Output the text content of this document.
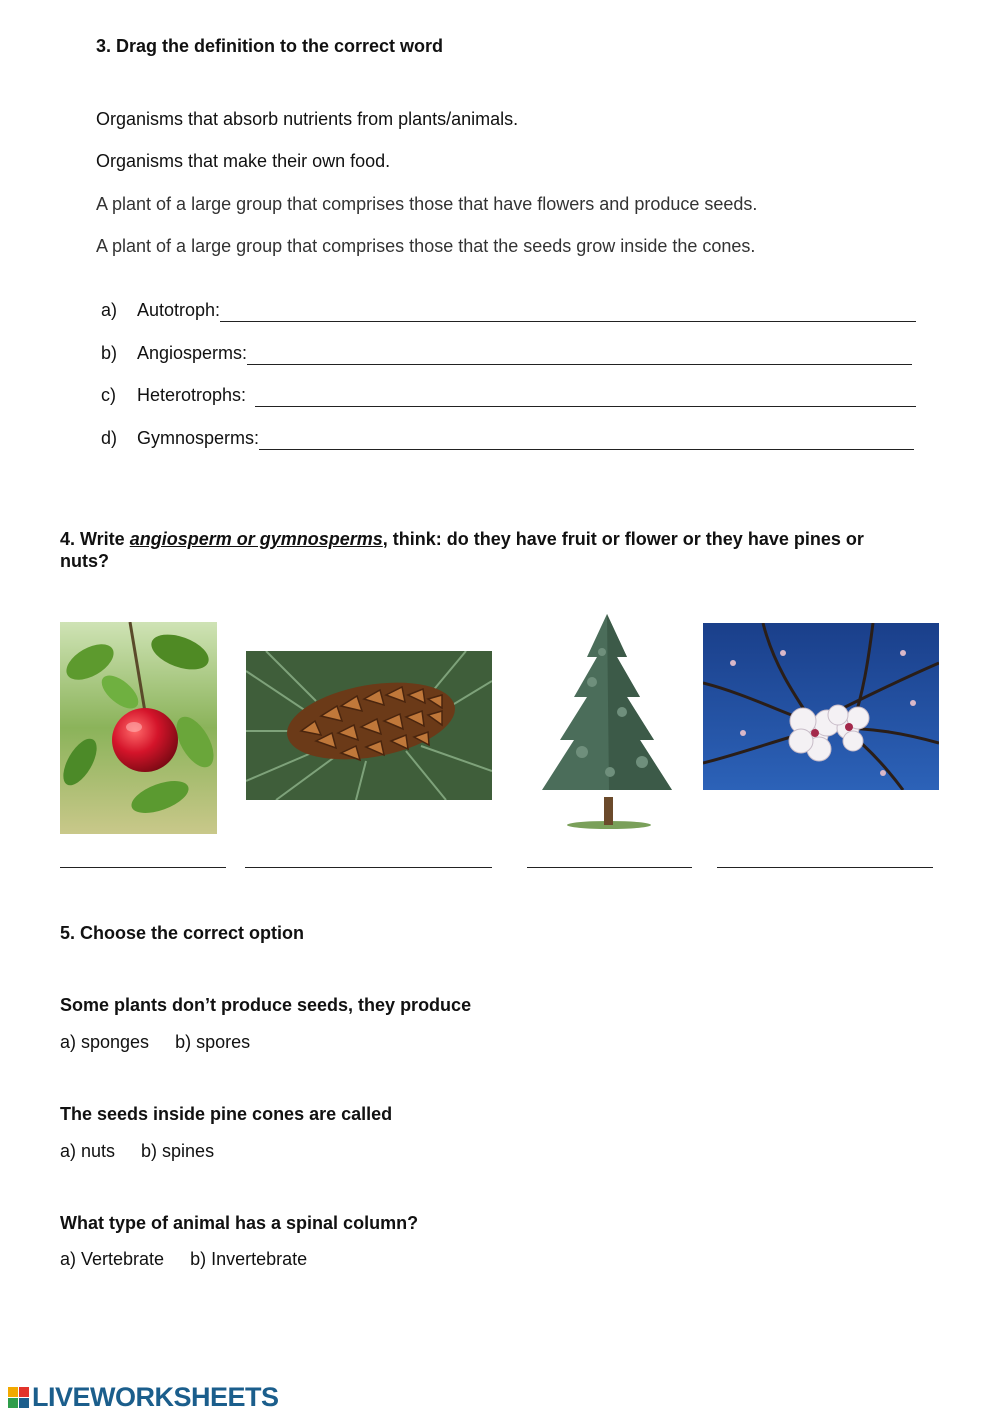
3. Drag the definition to the correct word
Organisms that absorb nutrients from plants/animals.
Organisms that make their own food.
A plant of a large group that comprises those that have flowers and produce seeds.
A plant of a large group that comprises those that the seeds grow inside the cones.
a)	Autotroph:
b)	Angiosperms:
c)	Heterotrophs:
d)	Gymnosperms:
4. Write angiosperm or gymnosperms, think: do they have fruit or flower or they have pines or nuts?
5. Choose the correct option
Some plants don’t produce seeds, they produce
a) sponges b) spores
The seeds inside pine cones are called
a) nuts b) spines
What type of animal has a spinal column?
a) Vertebrate b) Invertebrate
LIVEWORKSHEETS
